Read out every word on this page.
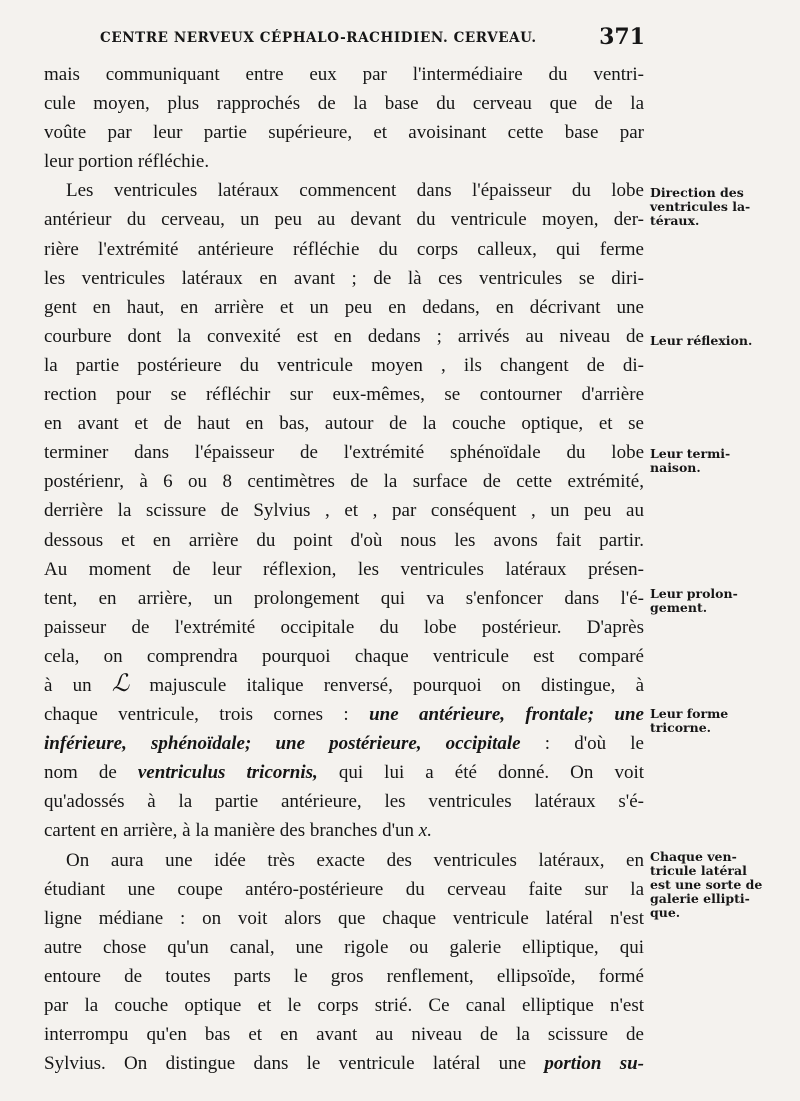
CENTRE NERVEUX CÉPHALO-RACHIDIEN. CERVEAU.	371

mais communiquant entre eux par l'intermédiaire du ventri-
cule moyen, plus rapprochés de la base du cerveau que de la
voûte par leur partie supérieure, et avoisinant cette base par
leur portion réfléchie.

Les ventricules latéraux commencent dans l'épaisseur du lobe
antérieur du cerveau, un peu au devant du ventricule moyen, der-
rière l'extrémité antérieure réfléchie du corps calleux, qui ferme
les ventricules latéraux en avant ; de là ces ventricules se diri-
gent en haut, en arrière et un peu en dedans, en décrivant une
courbure dont la convexité est en dedans ; arrivés au niveau de
la partie postérieure du ventricule moyen , ils changent de di-
rection pour se réfléchir sur eux-mêmes, se contourner d'arrière
en avant et de haut en bas, autour de la couche optique, et se
terminer dans l'épaisseur de l'extrémité sphénoïdale du lobe
postérienr, à 6 ou 8 centimètres de la surface de cette extrémité,
derrière la scissure de Sylvius , et , par conséquent , un peu au
dessous et en arrière du point d'où nous les avons fait partir.
Au moment de leur réflexion, les ventricules latéraux présen-
tent, en arrière, un prolongement qui va s'enfoncer dans l'é-
paisseur de l'extrémité occipitale du lobe postérieur. D'après
cela, on comprendra pourquoi chaque ventricule est comparé
à un ℒ majuscule italique renversé, pourquoi on distingue, à
chaque ventricule, trois cornes : une antérieure, frontale; une
inférieure, sphénoïdale; une postérieure, occipitale : d'où le
nom de ventriculus tricornis, qui lui a été donné. On voit
qu'adossés à la partie antérieure, les ventricules latéraux s'é-
cartent en arrière, à la manière des branches d'un x.

On aura une idée très exacte des ventricules latéraux, en
étudiant une coupe antéro-postérieure du cerveau faite sur la
ligne médiane : on voit alors que chaque ventricule latéral n'est
autre chose qu'un canal, une rigole ou galerie elliptique, qui
entoure de toutes parts le gros renflement, ellipsoïde, formé
par la couche optique et le corps strié. Ce canal elliptique n'est
interrompu qu'en bas et en avant au niveau de la scissure de
Sylvius. On distingue dans le ventricule latéral une portion su-

Direction des
ventricules la-
téraux.
Leur réflexion.
Leur termi-
naison.
Leur prolon-
gement.
Leur forme
tricorne.
Chaque ven-
tricule latéral
est une sorte de
galerie ellipti-
que.
